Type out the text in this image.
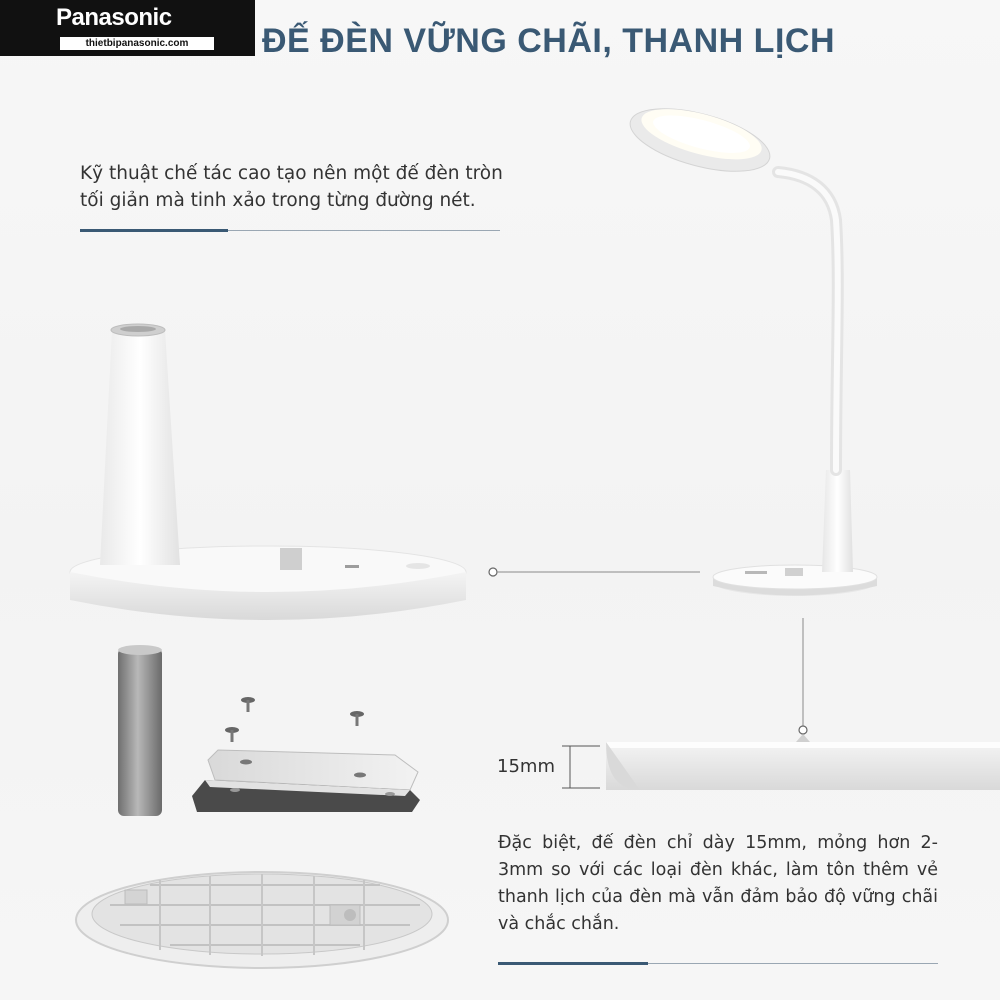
Panasonic
thietbipanasonic.com	ĐẾ ĐÈN VỮNG CHÃI, THANH LỊCH
Kỹ thuật chế tác cao tạo nên một đế đèn tròn tối giản mà tinh xảo trong từng đường nét.
15mm
Đặc biệt, đế đèn chỉ dày 15mm, mỏng hơn 2-3mm so với các loại đèn khác, làm tôn thêm vẻ thanh lịch của đèn mà vẫn đảm bảo độ vững chãi và chắc chắn.
